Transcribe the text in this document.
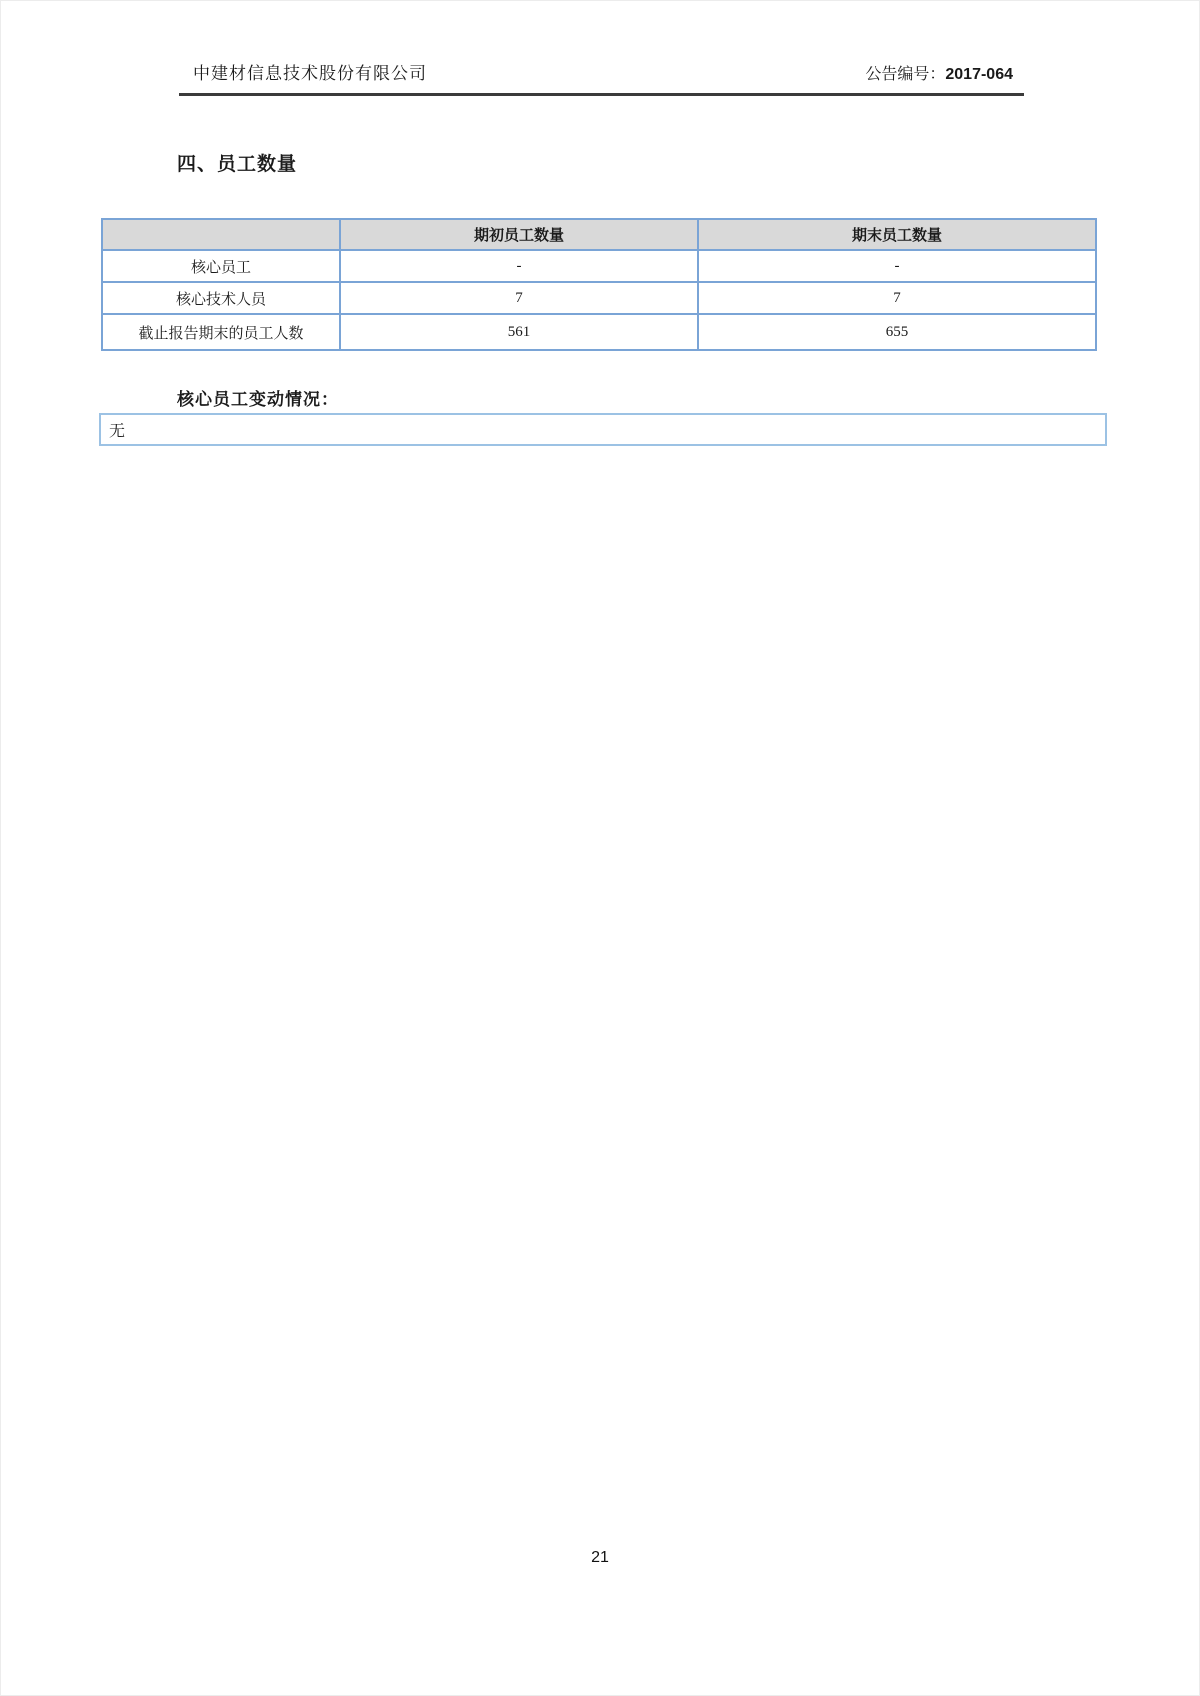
中建材信息技术股份有限公司	公告编号：2017-064
四、员工数量
	期初员工数量	期末员工数量
核心员工	-	-
核心技术人员	7	7
截止报告期末的员工人数	561	655
核心员工变动情况：
无
21
